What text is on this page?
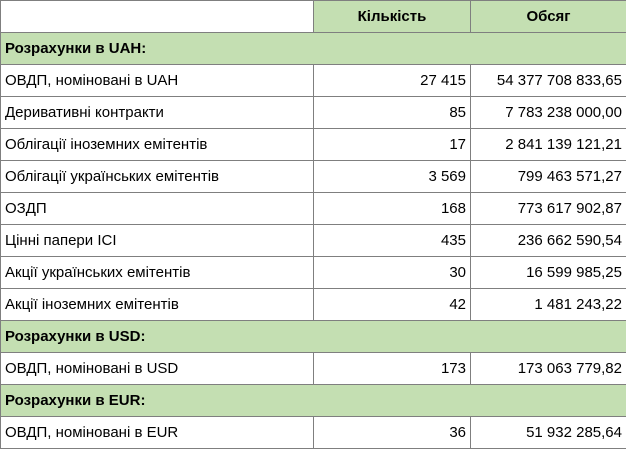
	Кількість	Обсяг
Розрахунки в UAH:		
ОВДП, номіновані в UAH	27 415	54 377 708 833,65
Деривативні контракти	85	7 783 238 000,00
Облігації іноземних емітентів	17	2 841 139 121,21
Облігації українських емітентів	3 569	799 463 571,27
ОЗДП	168	773 617 902,87
Цінні папери ІСІ	435	236 662 590,54
Акції українських емітентів	30	16 599 985,25
Акції іноземних емітентів	42	1 481 243,22
Розрахунки в USD:		
ОВДП, номіновані в USD	173	173 063 779,82
Розрахунки в EUR:		
ОВДП, номіновані в EUR	36	51 932 285,64
